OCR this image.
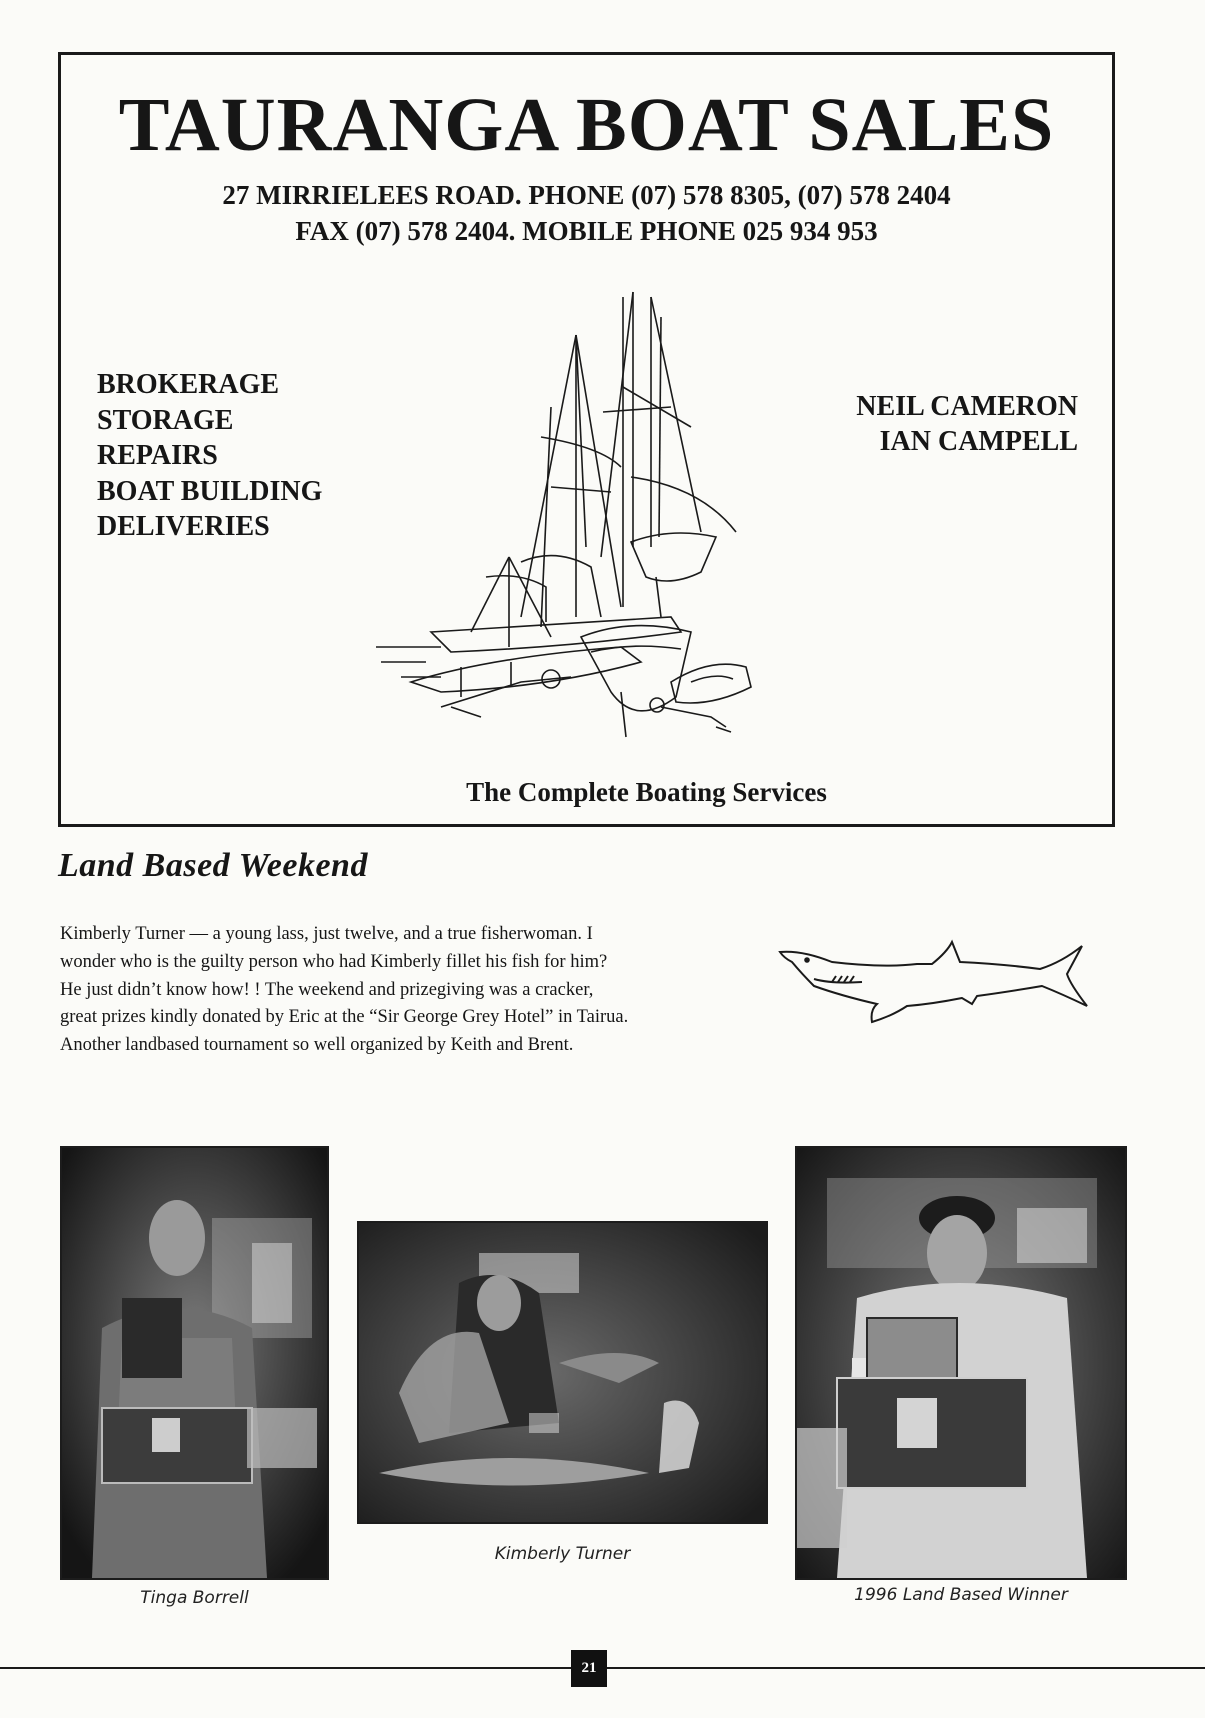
TAURANGA BOAT SALES
27 MIRRIELEES ROAD. PHONE (07) 578 8305, (07) 578 2404
FAX (07) 578 2404. MOBILE PHONE 025 934 953
BROKERAGE
STORAGE
REPAIRS
BOAT BUILDING
DELIVERIES
NEIL CAMERON
IAN CAMPELL
The Complete Boating Services
Land Based Weekend

Kimberly Turner — a young lass, just twelve, and a true fisherwoman. I wonder who is the guilty person who had Kimberly fillet his fish for him? He just didn’t know how! ! The weekend and prizegiving was a cracker, great prizes kindly donated by Eric at the “Sir George Grey Hotel” in Tairua. Another landbased tournament so well organized by Keith and Brent.

Tinga Borrell
Kimberly Turner
1996 Land Based Winner
21
